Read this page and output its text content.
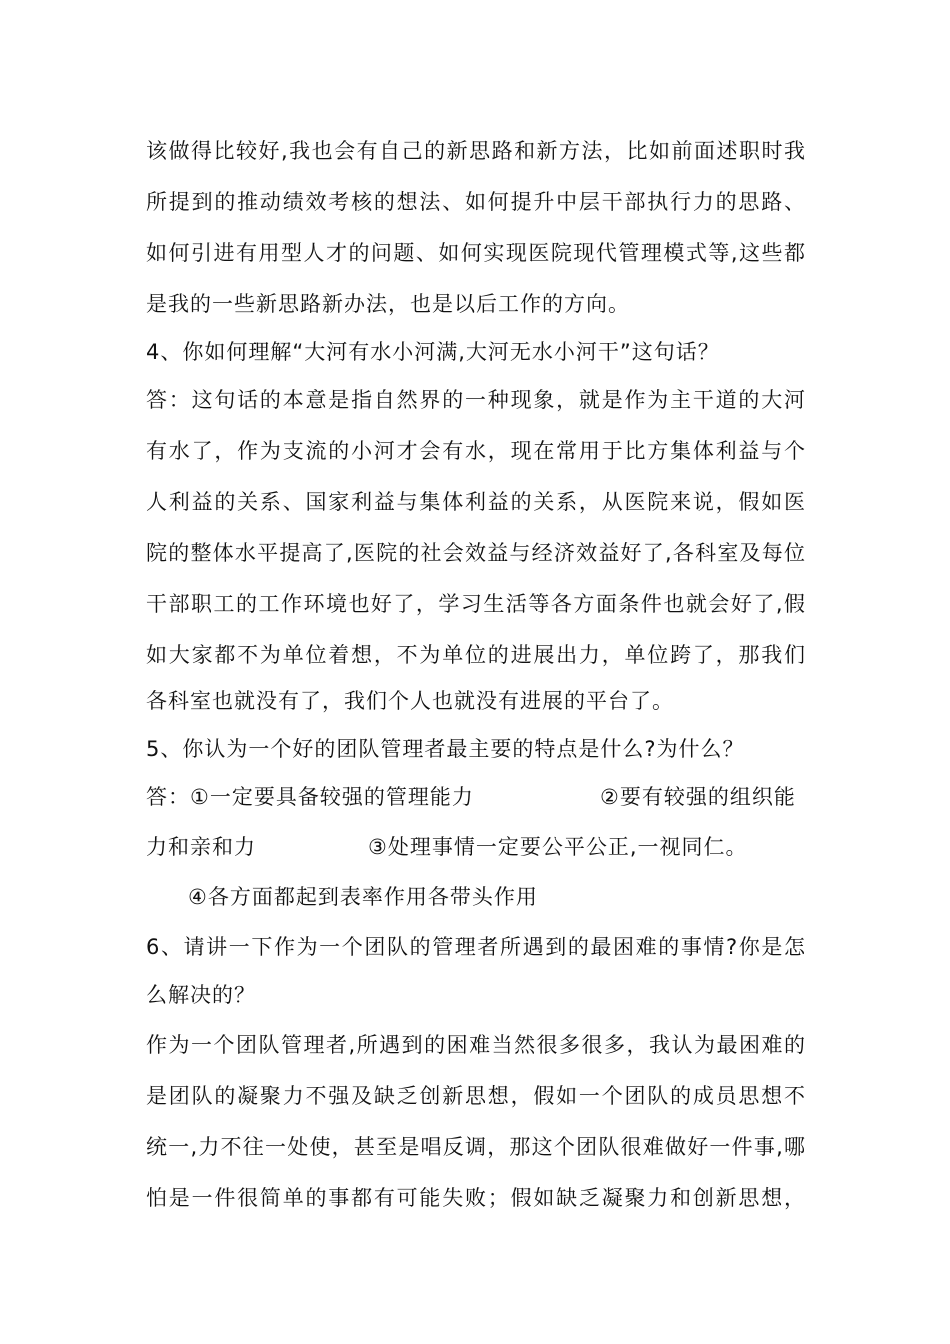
该做得比较好,我也会有自己的新思路和新方法，比如前面述职时我
所提到的推动绩效考核的想法、如何提升中层干部执行力的思路、
如何引进有用型人才的问题、如何实现医院现代管理模式等,这些都
是我的一些新思路新办法，也是以后工作的方向。
4、你如何理解“大河有水小河满,大河无水小河干”这句话？
答：这句话的本意是指自然界的一种现象，就是作为主干道的大河
有水了，作为支流的小河才会有水，现在常用于比方集体利益与个
人利益的关系、国家利益与集体利益的关系，从医院来说，假如医
院的整体水平提高了,医院的社会效益与经济效益好了,各科室及每位
干部职工的工作环境也好了，学习生活等各方面条件也就会好了,假
如大家都不为单位着想，不为单位的进展出力，单位跨了，那我们
各科室也就没有了，我们个人也就没有进展的平台了。
5、你认为一个好的团队管理者最主要的特点是什么?为什么？
答：①一定要具备较强的管理能力	②要有较强的组织能
力和亲和力	③处理事情一定要公平公正,一视同仁。
④各方面都起到表率作用各带头作用
6、请讲一下作为一个团队的管理者所遇到的最困难的事情?你是怎
么解决的？
作为一个团队管理者,所遇到的困难当然很多很多，我认为最困难的
是团队的凝聚力不强及缺乏创新思想，假如一个团队的成员思想不
统一,力不往一处使，甚至是唱反调，那这个团队很难做好一件事,哪
怕是一件很简单的事都有可能失败；假如缺乏凝聚力和创新思想，
